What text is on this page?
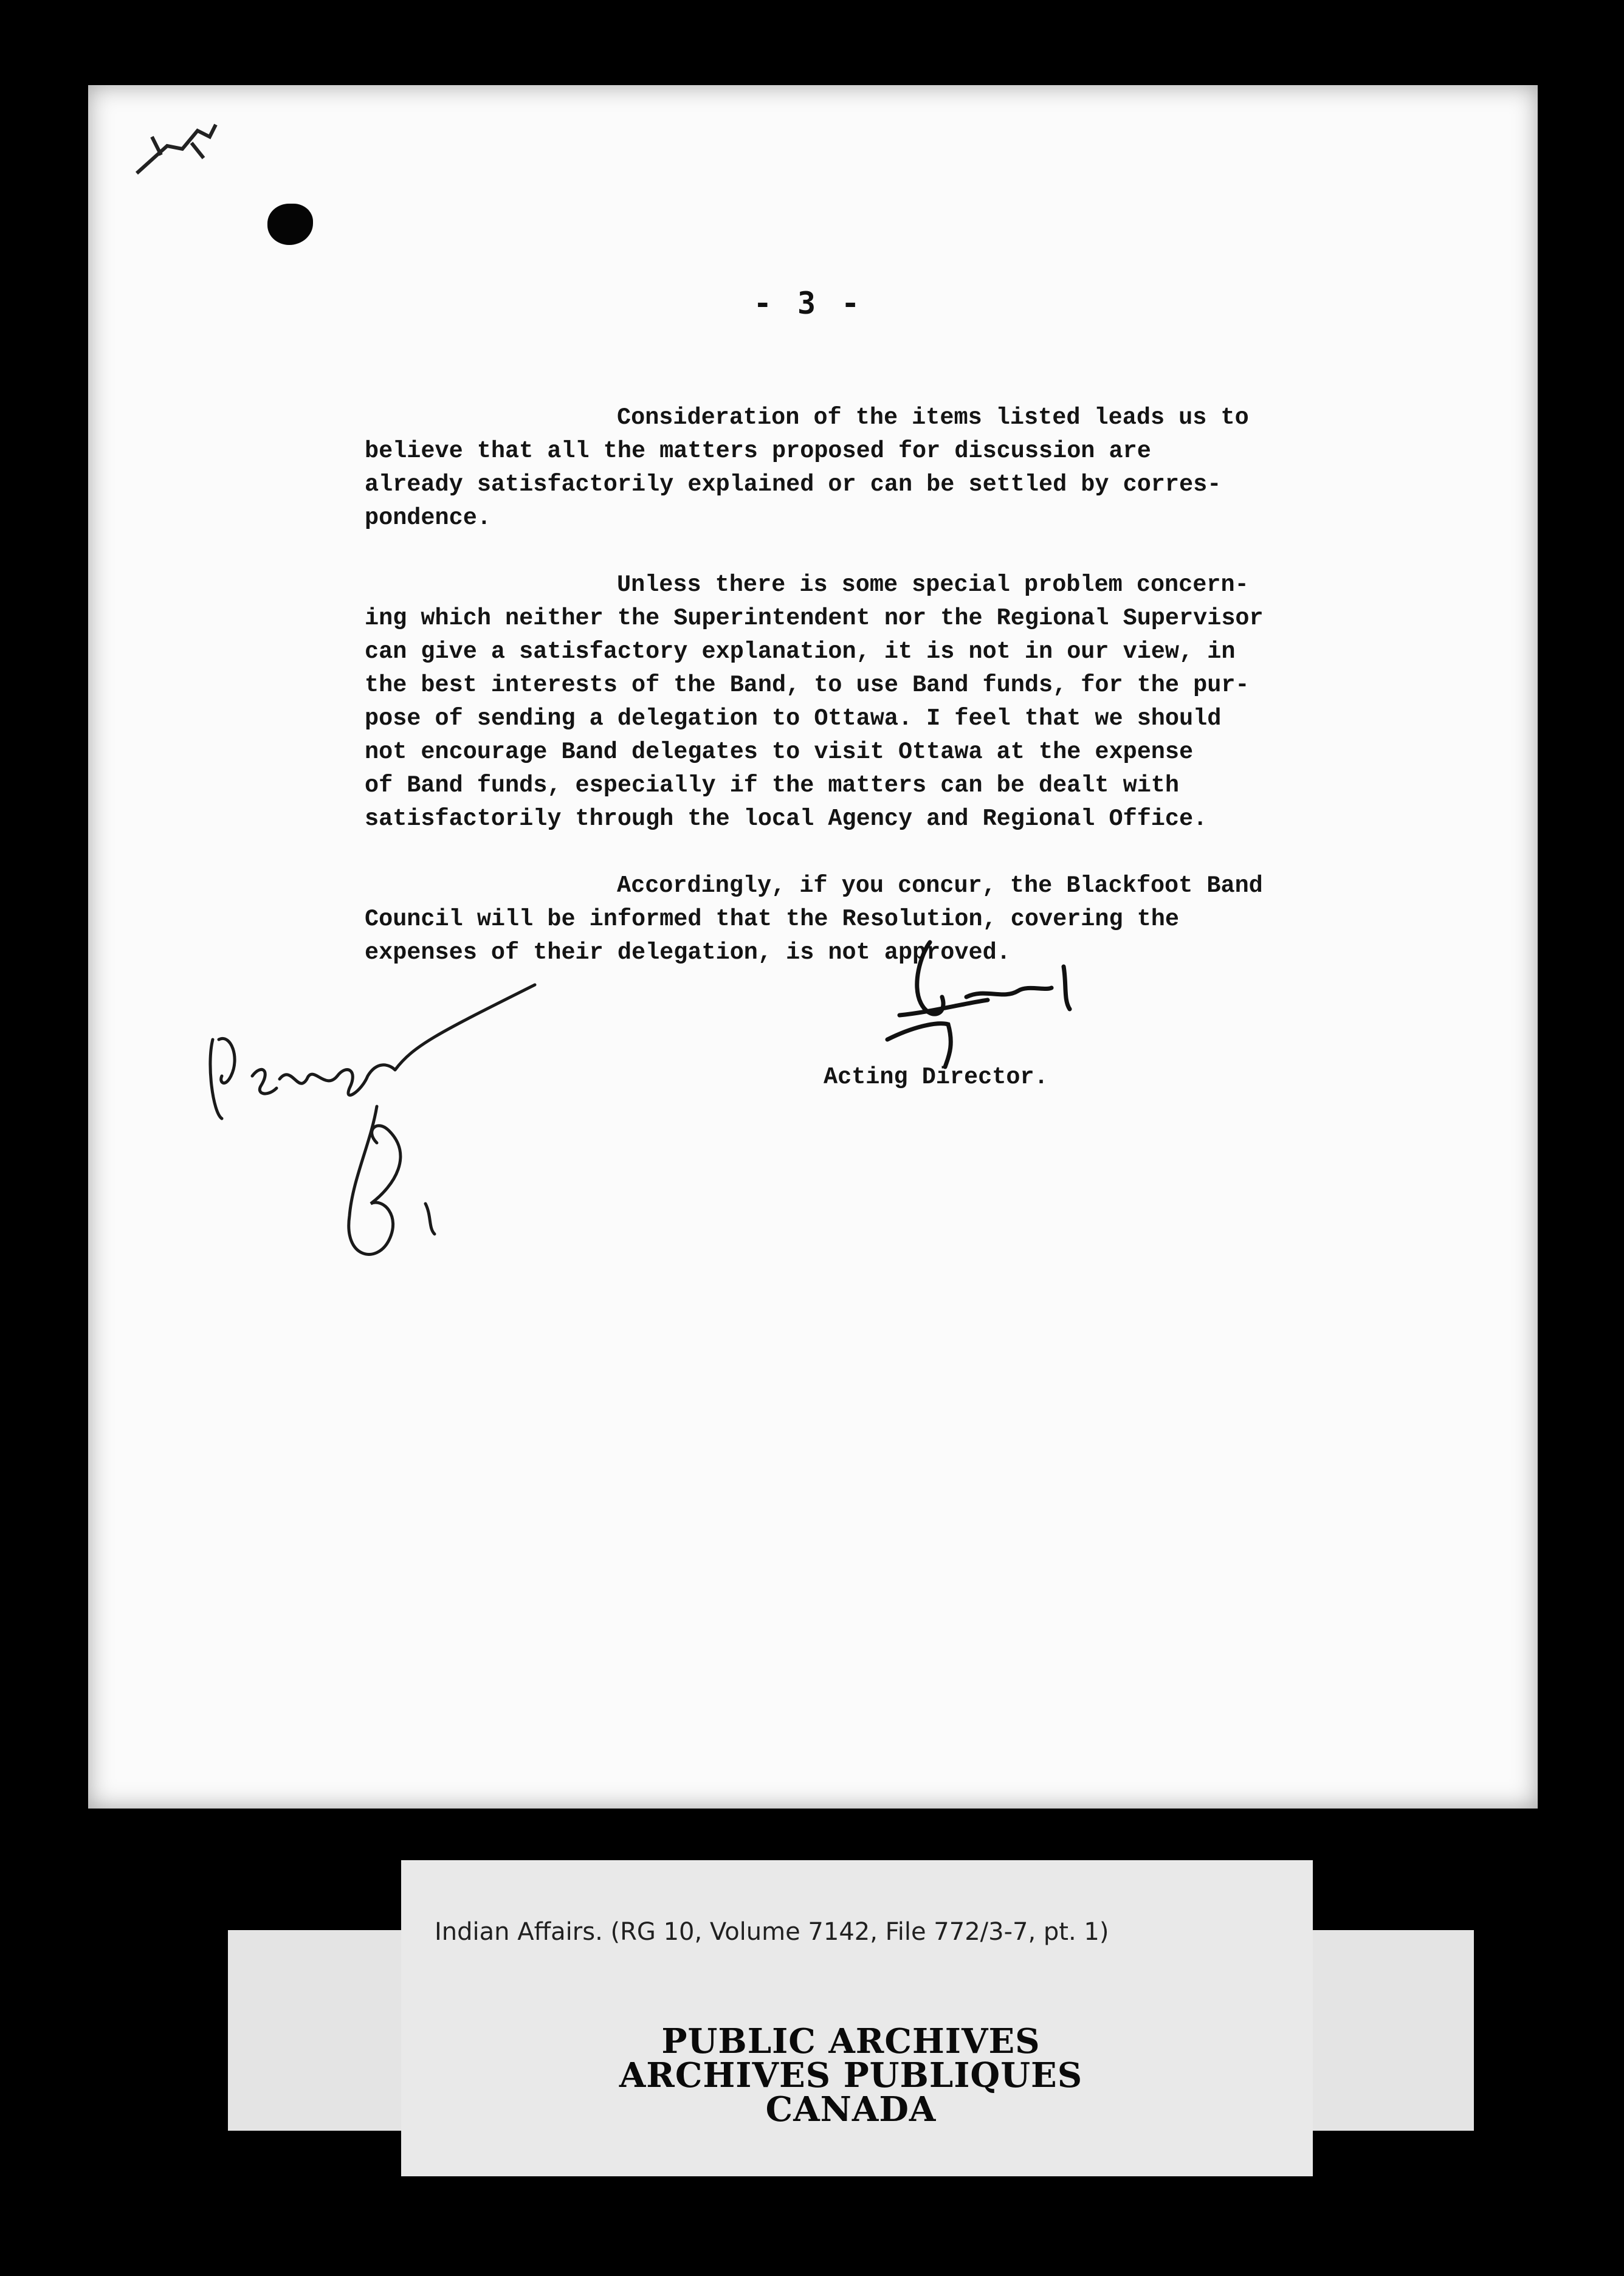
- 3 -

Consideration of the items listed leads us to
believe that all the matters proposed for discussion are
already satisfactorily explained or can be settled by corres-
pondence.

Unless there is some special problem concern-
ing which neither the Superintendent nor the Regional Supervisor
can give a satisfactory explanation, it is not in our view, in
the best interests of the Band, to use Band funds, for the pur-
pose of sending a delegation to Ottawa. I feel that we should
not encourage Band delegates to visit Ottawa at the expense
of Band funds, especially if the matters can be dealt with
satisfactorily through the local Agency and Regional Office.

Accordingly, if you concur, the Blackfoot Band
Council will be informed that the Resolution, covering the
expenses of their delegation, is not approved.

Acting Director.
Indian Affairs. (RG 10, Volume 7142, File 772/3-7, pt. 1)
PUBLIC ARCHIVES
ARCHIVES PUBLIQUES
CANADA
